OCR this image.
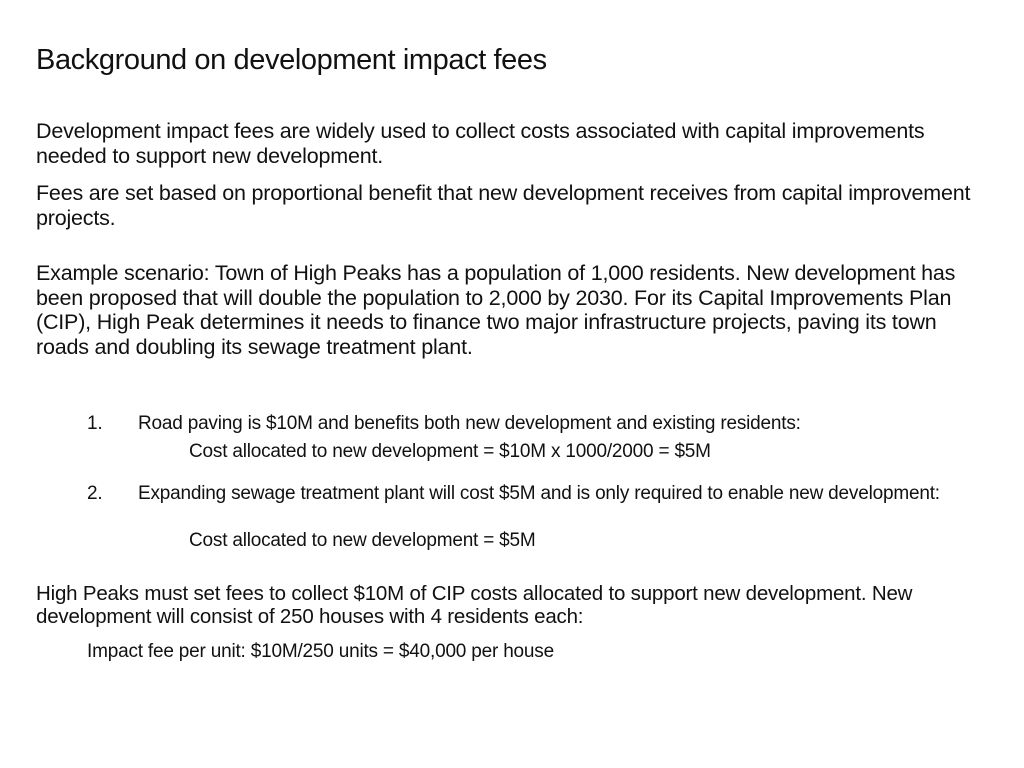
Background on development impact fees
Development impact fees are widely used to collect costs associated with capital improvements needed to support new development.
Fees are set based on proportional benefit that new development receives from capital improvement projects.
Example scenario: Town of High Peaks has a population of 1,000 residents. New development has been proposed that will double the population to 2,000 by 2030. For its Capital Improvements Plan (CIP), High Peak determines it needs to finance two major infrastructure projects, paving its town roads and doubling its sewage treatment plant.
1. Road paving is $10M and benefits both new development and existing residents:
Cost allocated to new development = $10M x 1000/2000 = $5M
2. Expanding sewage treatment plant will cost $5M and is only required to enable new development:
Cost allocated to new development = $5M
High Peaks must set fees to collect $10M of CIP costs allocated to support new development. New development will consist of 250 houses with 4 residents each:
Impact fee per unit: $10M/250 units = $40,000 per house
